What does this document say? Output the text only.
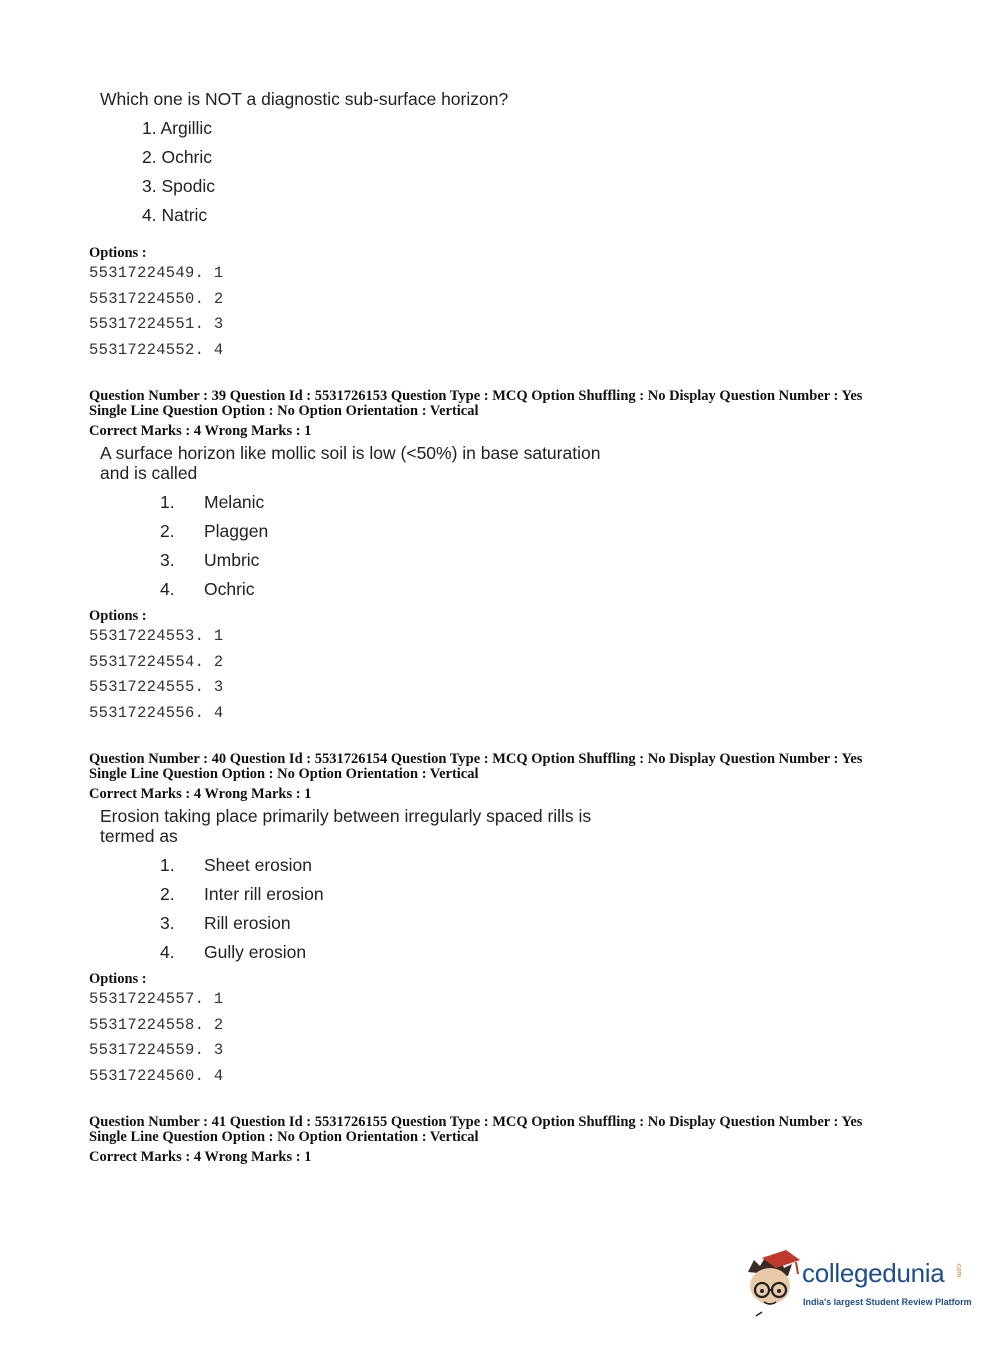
Which one is NOT a diagnostic sub-surface horizon?
1. Argillic
2. Ochric
3. Spodic
4. Natric
Options :
55317224549. 1
55317224550. 2
55317224551. 3
55317224552. 4
Question Number : 39 Question Id : 5531726153 Question Type : MCQ Option Shuffling : No Display Question Number : Yes
Single Line Question Option : No Option Orientation : Vertical
Correct Marks : 4 Wrong Marks : 1
A surface horizon like mollic soil is low (<50%) in base saturation
and is called
1. Melanic
2. Plaggen
3. Umbric
4. Ochric
Options :
55317224553. 1
55317224554. 2
55317224555. 3
55317224556. 4
Question Number : 40 Question Id : 5531726154 Question Type : MCQ Option Shuffling : No Display Question Number : Yes
Single Line Question Option : No Option Orientation : Vertical
Correct Marks : 4 Wrong Marks : 1
Erosion taking place primarily between irregularly spaced rills is
termed as
1. Sheet erosion
2. Inter rill erosion
3. Rill erosion
4. Gully erosion
Options :
55317224557. 1
55317224558. 2
55317224559. 3
55317224560. 4
Question Number : 41 Question Id : 5531726155 Question Type : MCQ Option Shuffling : No Display Question Number : Yes
Single Line Question Option : No Option Orientation : Vertical
Correct Marks : 4 Wrong Marks : 1
collegedunia .com
India's largest Student Review Platform
